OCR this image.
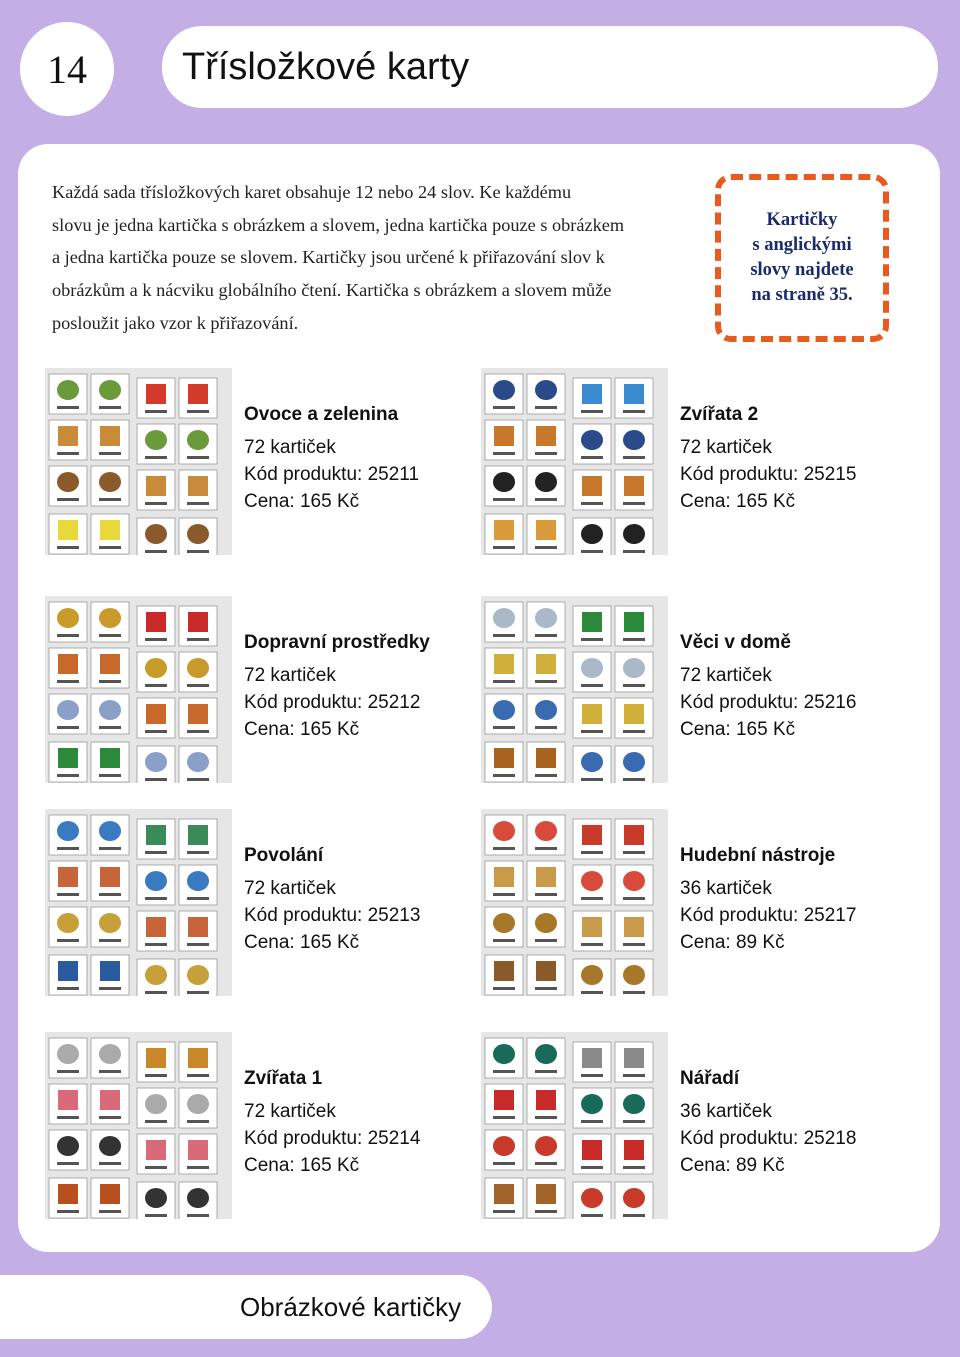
14	Třísložkové karty
Každá sada třísložkových karet obsahuje 12 nebo 24 slov. Ke každému
slovu je jedna kartička s obrázkem a slovem, jedna kartička pouze s obrázkem
a jedna kartička pouze se slovem. Kartičky jsou určené k přiřazování slov k
obrázkům a k nácviku globálního čtení. Kartička s obrázkem a slovem může
posloužit jako vzor k přiřazování.
Kartičky
s anglickými
slovy najdete
na straně 35.
Ovoce a zelenina
72 kartiček
Kód produktu: 25211
Cena: 165 Kč
Zvířata 2
72 kartiček
Kód produktu: 25215
Cena: 165 Kč
Dopravní prostředky
72 kartiček
Kód produktu: 25212
Cena: 165 Kč
Věci v domě
72 kartiček
Kód produktu: 25216
Cena: 165 Kč
Povolání
72 kartiček
Kód produktu: 25213
Cena: 165 Kč
Hudební nástroje
36 kartiček
Kód produktu: 25217
Cena: 89 Kč
Zvířata 1
72 kartiček
Kód produktu: 25214
Cena: 165 Kč
Nářadí
36 kartiček
Kód produktu: 25218
Cena: 89 Kč
Obrázkové kartičky
